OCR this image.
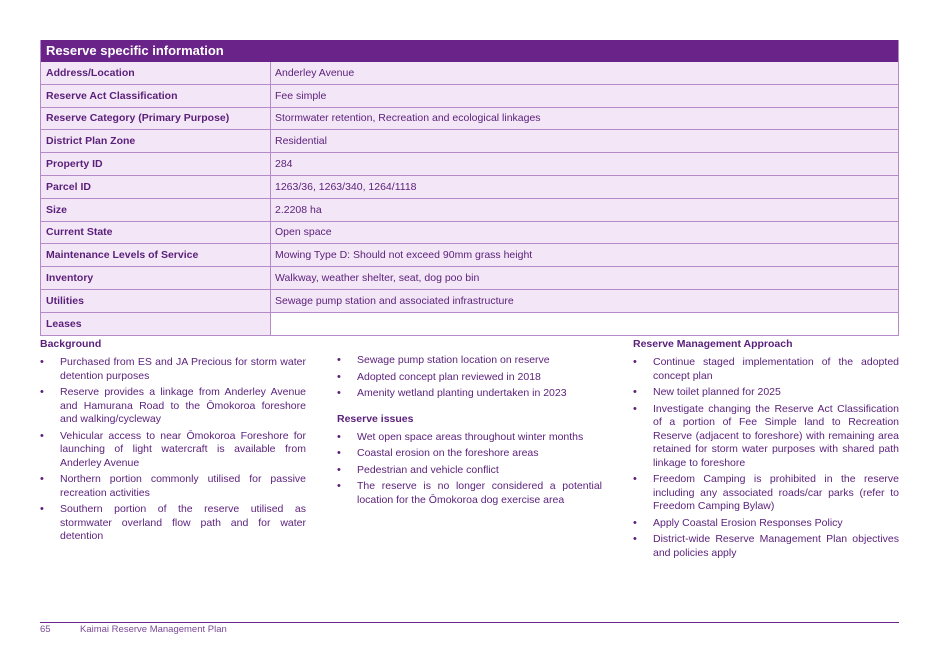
Reserve specific information
Address/Location	Anderley Avenue
Reserve Act Classification	Fee simple
Reserve Category (Primary Purpose)	Stormwater retention, Recreation and ecological linkages
District Plan Zone	Residential
Property ID	284
Parcel ID	1263/36, 1263/340, 1264/1118
Size	2.2208 ha
Current State	Open space
Maintenance Levels of Service	Mowing Type D: Should not exceed 90mm grass height
Inventory	Walkway, weather shelter, seat, dog poo bin
Utilities	Sewage pump station and associated infrastructure
Leases
Background
• Purchased from ES and JA Precious for storm water detention purposes
• Reserve provides a linkage from Anderley Avenue and Hamurana Road to the Ōmokoroa foreshore and walking/cycleway
• Vehicular access to near Ōmokoroa Foreshore for launching of light watercraft is available from Anderley Avenue
• Northern portion commonly utilised for passive recreation activities
• Southern portion of the reserve utilised as stormwater overland flow path and for water detention
• Sewage pump station location on reserve
• Adopted concept plan reviewed in 2018
• Amenity wetland planting undertaken in 2023
Reserve issues
• Wet open space areas throughout winter months
• Coastal erosion on the foreshore areas
• Pedestrian and vehicle conflict
• The reserve is no longer considered a potential location for the Ōmokoroa dog exercise area
Reserve Management Approach
• Continue staged implementation of the adopted concept plan
• New toilet planned for 2025
• Investigate changing the Reserve Act Classification of a portion of Fee Simple land to Recreation Reserve (adjacent to foreshore) with remaining area retained for storm water purposes with shared path linkage to foreshore
• Freedom Camping is prohibited in the reserve including any associated roads/car parks (refer to Freedom Camping Bylaw)
• Apply Coastal Erosion Responses Policy
• District-wide Reserve Management Plan objectives and policies apply
65	Kaimai Reserve Management Plan
